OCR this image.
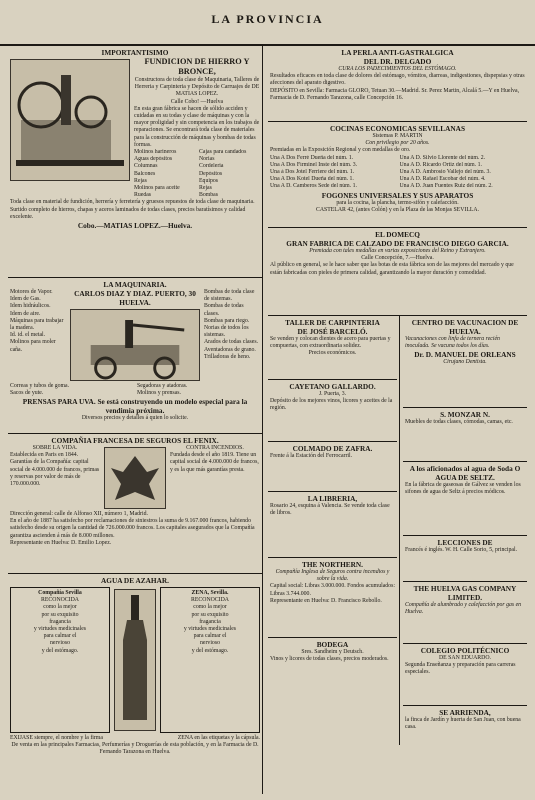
LA PROVINCIA
IMPORTANTISIMO
FUNDICION DE HIERRO Y BRONCE,
Constructora de toda clase de Maquinaria, Talleres de Herreria y Carpinteria y Depósito de Carruajes de DE MATIAS LOPEZ.
Calle Cobo! —Huelva
En esta gran fábrica se hacen de sólido acciden y cuidadas en su todas y clase de máquinas y con la mayor proligidad y sin competencia en los trabajos de reparaciones. Se encontrará toda clase de materiales para la construcción de máquinas y bombas de todas formas.
Molinos harineros
Aguas depósitos
Columnas
Balcones
Rejas
Molinos para aceite
Ruedas
Cajas para candados
Norias
Cordeleria
Depósitos
Equipos
Rejas
Bombas
Toda clase en material de fundición, herrería y ferretería y gruesos repuestos de toda clase de maquinaria.
Surtido completo de hierros, chapas y aceros laminados de todas clases, precios baratísimos y calidad excelente.
Cobo.—MATIAS LOPEZ.—Huelva.
LA MAQUINARIA.
Motores de Vapor.
Idem de Gas.
Idem hidráulicos.
Idem de aire.
Máquinas para trabajar la madera.
Id. id. el metal.
Molinos para moler caña.
CARLOS DIAZ Y DIAZ. PUERTO, 30 HUELVA.
Bombas de toda clase de sistemas.
Bombas de todas clases.
Bombas para riego.
Norias de todos los sistemas.
Arados de todas clases.
Aventadoras de grano.
Trilladoras de heno.
Correas y tubos de goma.	Segadoras y atadoras.
Sacos de yute.	Molinos y prensas.
PRENSAS PARA UVA. Se está construyendo un modelo especial para la vendimia próxima.
Diversos precios y detalles á quien lo solicite.
COMPAÑIA FRANCESA DE SEGUROS EL FENIX.
SOBRE LA VIDA.
Establecida en Paris en 1844. Garantías de la Compañía: capital social de 4.000.000 de francos, primas y reservas por valor de más de 170.000.000.
CONTRA INCENDIOS.
Fundada desde el año 1819. Tiene un capital social de 4.000.000 de francos, y es la que más garantías presta.
Dirección general: calle de Alfonso XII, número 1, Madrid.
En el año de 1887 ha satisfecho por reclamaciones de siniestros la suma de 9.167.000 francos, habiendo satisfecho desde su origen la cantidad de 726.000.000 francos. Los capitales asegurados que la Compañía garantiza ascienden á más de 8.000 millones.
Representante en Huelva: D. Emilio Lopez.
AGUA DE AZAHAR.
Compañía Sevilla
RECONOCIDA
como la mejor
por su exquisito
fragancia
y virtudes medicinales
para calmar el
nervioso
y del estómago.
ZENA, Sevilla.
RECONOCIDA
como la mejor
por su exquisito
fragancia
y virtudes medicinales
para calmar el
nervioso
y del estómago.
EXIJASE siempre, el nombre y la firma	ZENA en las etiquetas y la cápsula.
De venta en las principales Farmacias, Perfumerías y Droguerías de esta población, y en la Farmacia de D. Fernando Tarazona en Huelva.
LA PERLA ANTI-GASTRALGICA
DEL DR. DELGADO
CURA LOS PADECIMIENTOS DEL ESTÓMAGO.
Resultados eficaces en toda clase de dolores del estómago, vómitos, diarreas, indigestiones, dispepsias y otras afecciones del aparato digestivo.
DEPÓSITO en Sevilla: Farmacia GLORO, Tetuan 30.—Madrid. Sr. Perez Martin, Alcalá 5.—Y en Huelva, Farmacia de D. Fernando Tarazona, calle Concepción 16.
COCINAS ECONOMICAS SEVILLANAS
Sistemas P. MARTIN
Con privilegio por 20 años.
Premiadas en la Exposición Regional y con medallas de oro.
Una A Dos Ferré Dueña del núm. 1.	Una A D. Silvio Llorente del núm. 2.
Una A Dos Fírminel Inste del núm. 3.	Una A D. Ricardo Ortiz del núm. 1.
Una á Dos Jotel Ferriere del núm. 1.	Una A D. Ambrosio Vallejo del núm. 3.
Una A Dos Kotel Dueña del núm. 1.	Una A D. Rafael Escobar del núm. 4.
Una A D. Camberos Sede del núm. 1.	Una A D. Juan Fuentes Ruiz del núm. 2.
FOGONES UNIVERSALES Y SUS APARATOS
para la cocina, la plancha, termo-sifón y calefacción.
CASTELAR 42, (antes Colón) y en la Plaza de las Monjas SEVILLA.
EL DOMECQ
GRAN FABRICA DE CALZADO DE FRANCISCO DIEGO GARCIA.
Premiada con tales medallas en varias exposiciones del Reino y Extranjero.
Calle Concepción, 7.—Huelva.
Al público en general, se le hace saber que las botas de esta fábrica son de las mejores del mercado y que están fabricadas con pieles de primera calidad, garantizando la mayor duración y comodidad.
TALLER DE CARPINTERIA
DE JOSÉ BARCELÓ.
Se venden y colocan dientes de acero para puertas y compuertas, con extraordinaria solidez.
Precios económicos.
CAYETANO GALLARDO.
J. Puerta, 3.
Depósito de los mejores vinos, licores y aceites de la región.
COLMADO DE ZAFRA.
Frente á la Estación del Ferrocarril.
LA LIBRERIA,
Rosario 24, esquina á Valencia. Se vende toda clase de libros.
THE NORTHERN.
Compañía Inglesa de Seguros contra incendios y sobre la vida.
Capital social: Libras 3.000.000. Fondos acumulados: Libras 3.744.000.
Representante en Huelva: D. Francisco Rebollo.
BODEGA
Sres. Sandheim y Deutsch.
Vinos y licores de todas clases, precios moderados.
CENTRO DE VACUNACION DE HUELVA.
Vacunaciones con linfa de ternera recién inoculada. Se vacuna todos los días.
Dr. D. MANUEL DE ORLEANS
Cirujano Dentista.
S. MONZAR N.
Muebles de todas clases, cómodas, camas, etc.
A los aficionados al agua de Soda O AGUA DE SELTZ.
En la fábrica de gaseosas de Gálvez se venden los sifones de agua de Seltz á precios módicos.
LECCIONES DE
Francés é inglés. W. H. Calle Sorio, 5, principal.
THE HUELVA GAS COMPANY LIMITED.
Compañía de alumbrado y calefacción por gas en Huelva.
COLEGIO POLITÉCNICO
DE SAN EDUARDO.
Segunda Enseñanza y preparación para carreras especiales.
SE ARRIENDA,
la finca de Jardín y huerta de San Juan, con buena casa.
